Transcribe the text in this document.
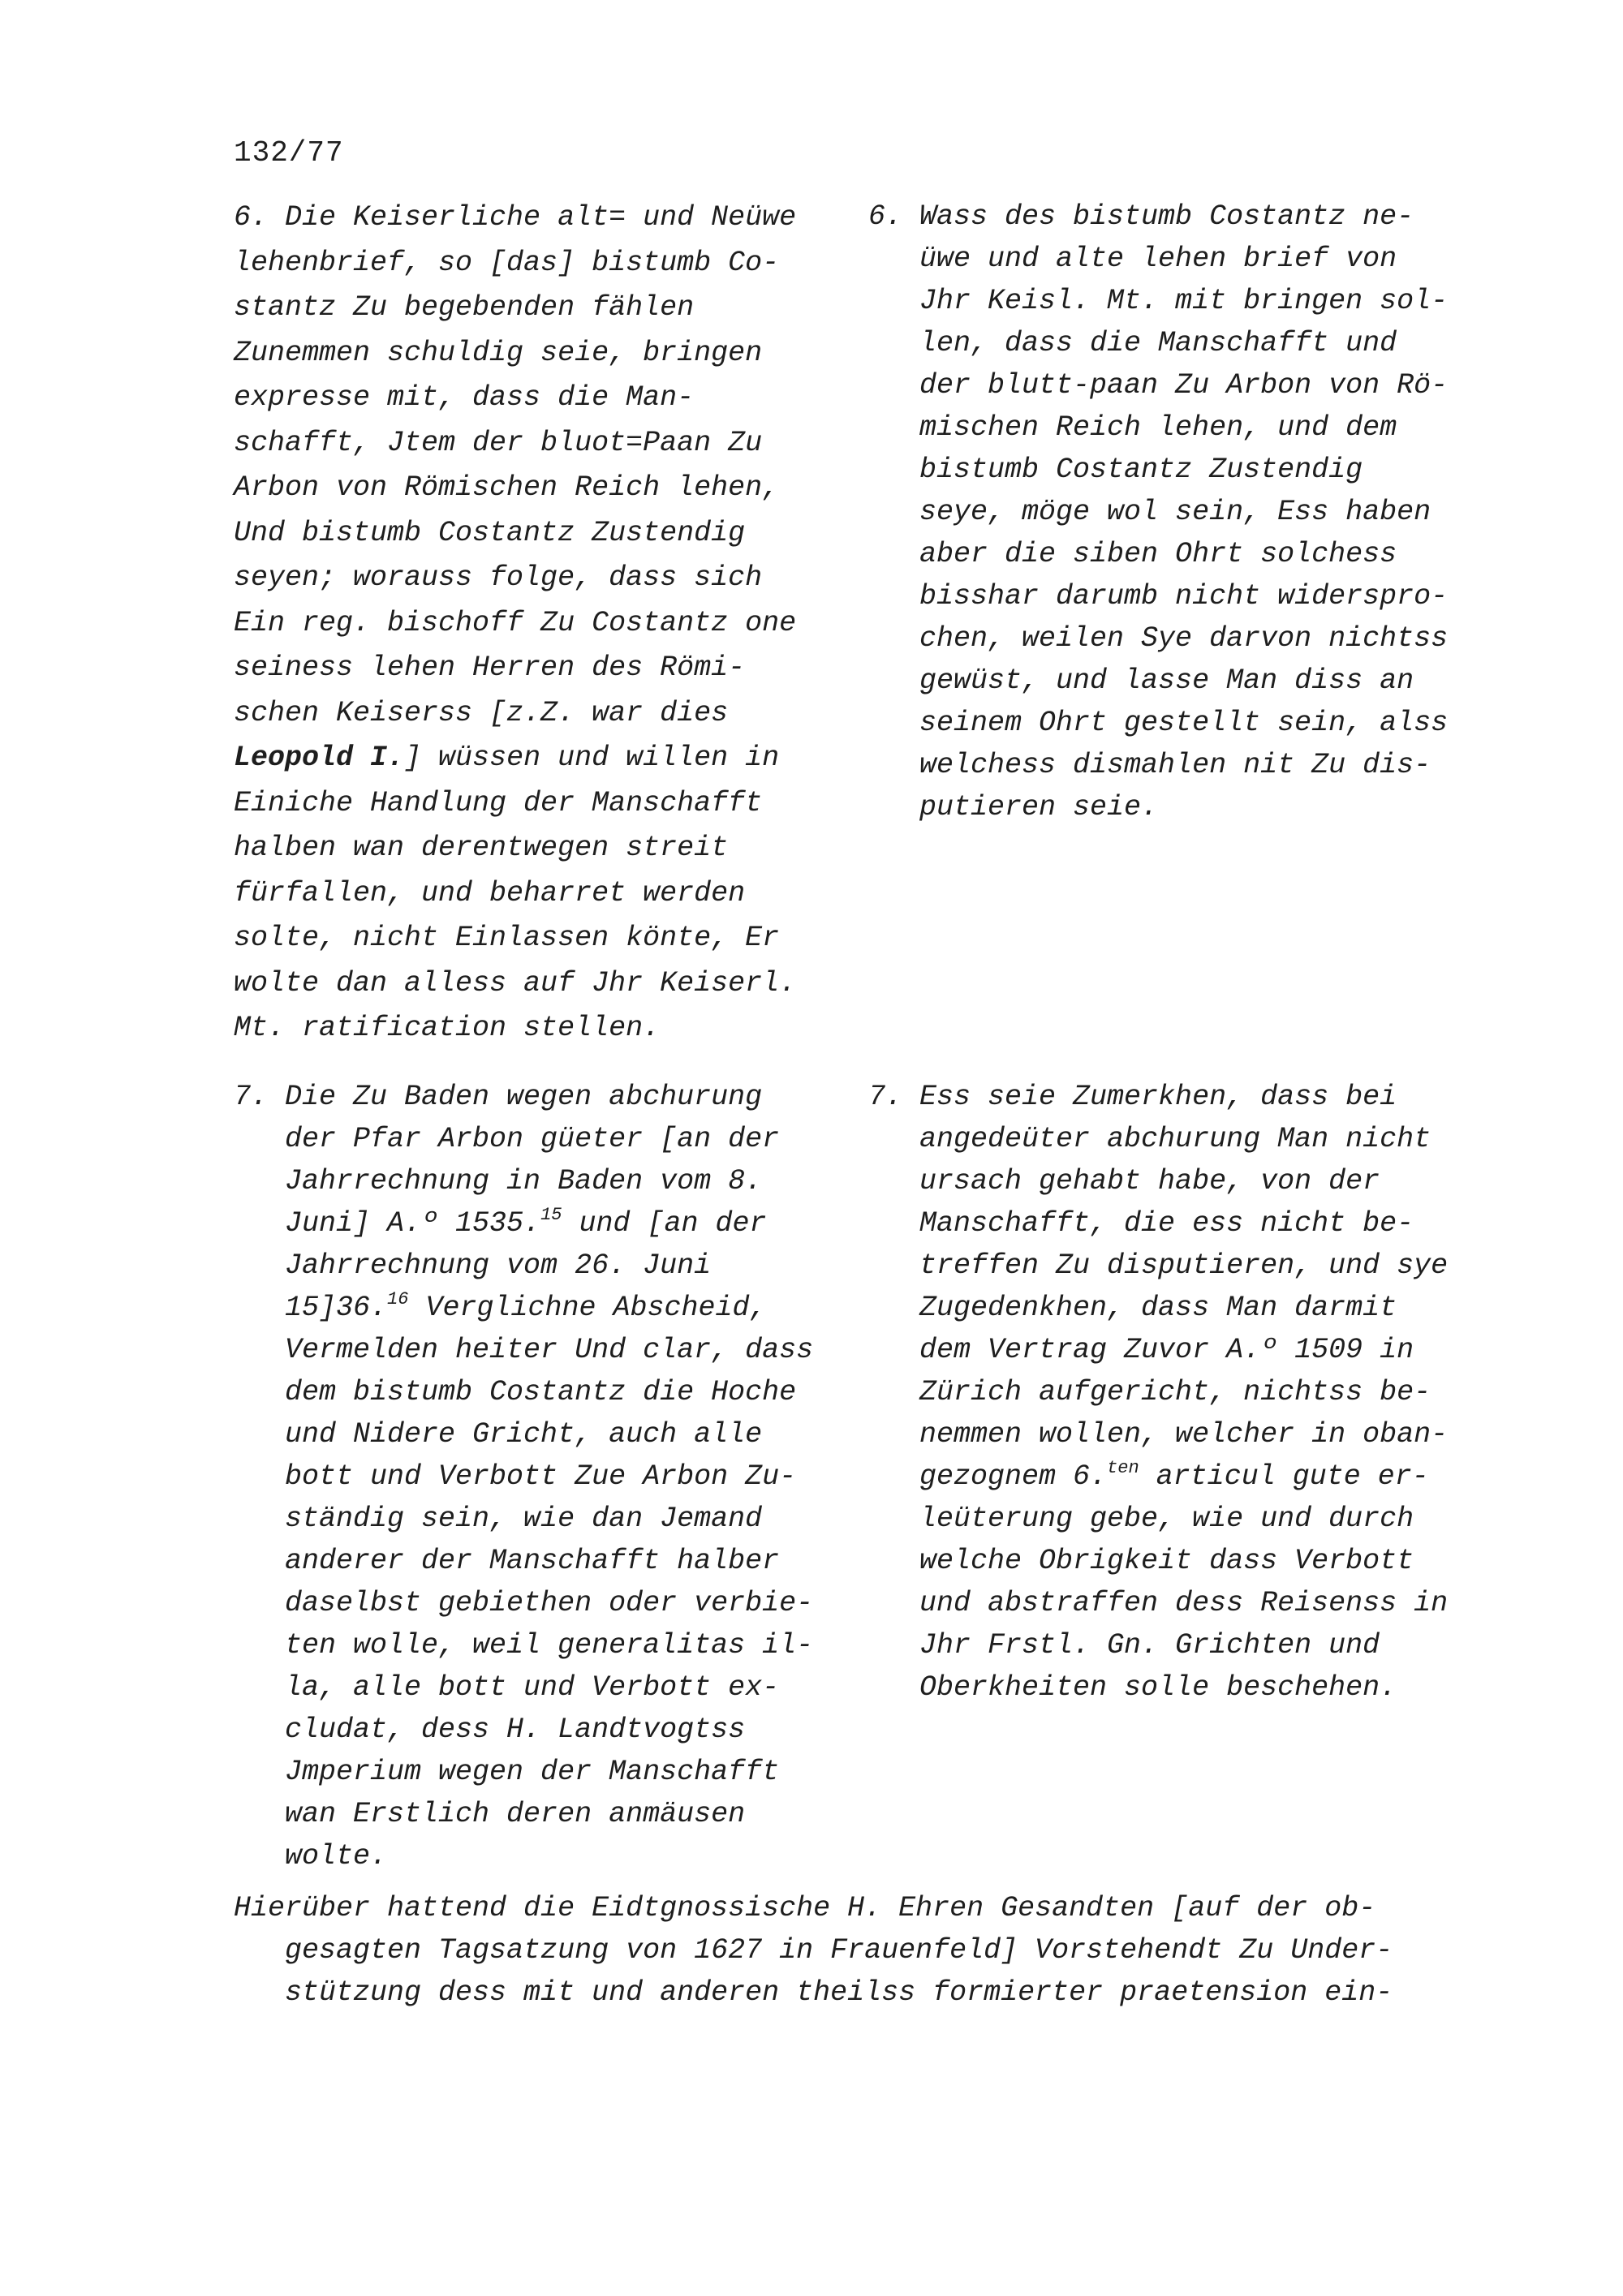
132/77
6. Die Keiserliche alt= und Neüwe
lehenbrief, so [das] bistumb Co-
stantz Zu begebenden fählen
Zunemmen schuldig seie, bringen
expresse mit, dass die Man-
schafft, Jtem der bluot=Paan Zu
Arbon von Römischen Reich lehen,
Und bistumb Costantz Zustendig
seyen; worauss folge, dass sich
Ein reg. bischoff Zu Costantz one
seiness lehen Herren des Römi-
schen Keiserss [z.Z. war dies
Leopold I.] wüssen und willen in
Einiche Handlung der Manschafft
halben wan derentwegen streit
fürfallen, und beharret werden
solte, nicht Einlassen könte, Er
wolte dan alless auf Jhr Keiserl.
Mt. ratification stellen.
6. Wass des bistumb Costantz ne-
üwe und alte lehen brief von
Jhr Keisl. Mt. mit bringen sol-
len, dass die Manschafft und
der blutt-paan Zu Arbon von Rö-
mischen Reich lehen, und dem
bistumb Costantz Zustendig
seye, möge wol sein, Ess haben
aber die siben Ohrt solchess
bisshar darumb nicht widerspro-
chen, weilen Sye darvon nichtss
gewüst, und lasse Man diss an
seinem Ohrt gestellt sein, alss
welchess dismahlen nit Zu dis-
putieren seie.
7. Die Zu Baden wegen abchurung
der Pfar Arbon güeter [an der
Jahrrechnung in Baden vom 8.
Juni] A.º 1535.15 und [an der
Jahrrechnung vom 26. Juni
15]36.16 Verglichne Abscheid,
Vermelden heiter Und clar, dass
dem bistumb Costantz die Hoche
und Nidere Gricht, auch alle
bott und Verbott Zue Arbon Zu-
ständig sein, wie dan Jemand
anderer der Manschafft halber
daselbst gebiethen oder verbie-
ten wolle, weil generalitas il-
la, alle bott und Verbott ex-
cludat, dess H. Landtvogtss
Jmperium wegen der Manschafft
wan Erstlich deren anmäusen
wolte.
7. Ess seie Zumerkhen, dass bei
angedeüter abchurung Man nicht
ursach gehabt habe, von der
Manschafft, die ess nicht be-
treffen Zu disputieren, und sye
Zugedenkhen, dass Man darmit
dem Vertrag Zuvor A.º 1509 in
Zürich aufgericht, nichtss be-
nemmen wollen, welcher in oban-
gezognem 6.$^{ten}$ articul gute er-
leüterung gebe, wie und durch
welche Obrigkeit dass Verbott
und abstraffen dess Reisenss in
Jhr Frstl. Gn. Grichten und
Oberkheiten solle beschehen.
Hierüber hattend die Eidtgnossische H. Ehren Gesandten [auf der ob-
gesagten Tagsatzung von 1627 in Frauenfeld] Vorstehendt Zu Under-
stützung dess mit und anderen theilss formierter praetension ein-
